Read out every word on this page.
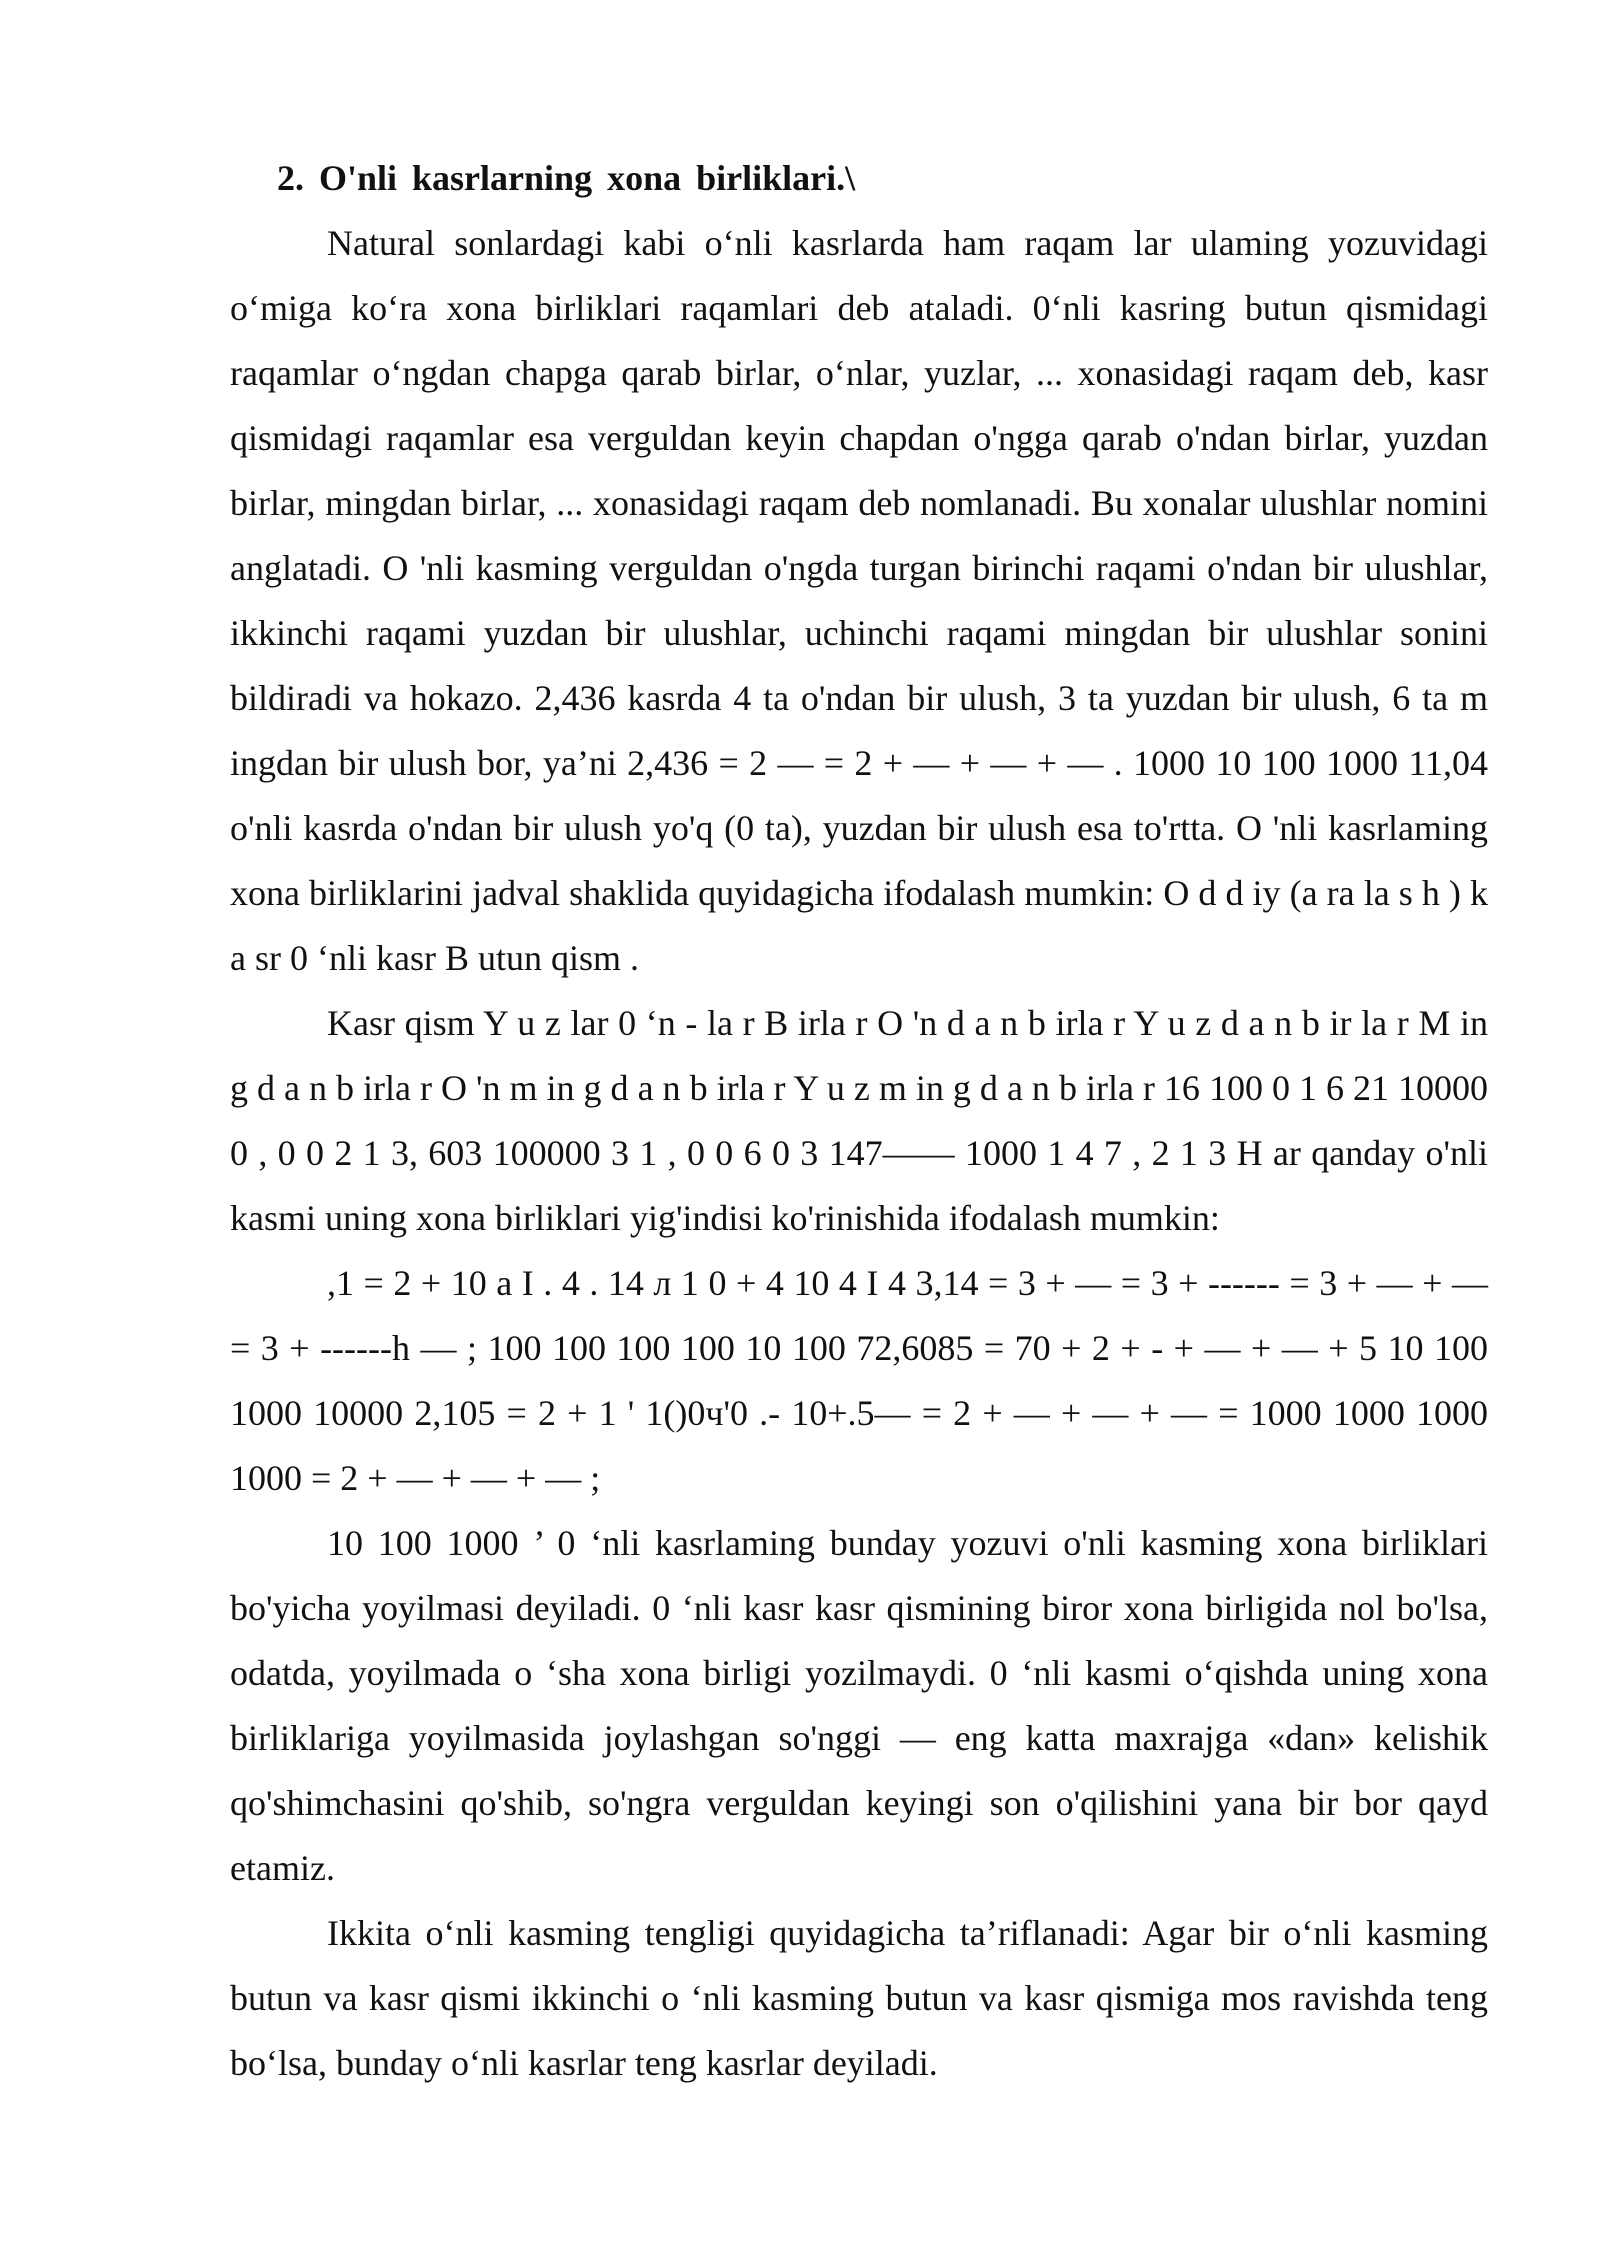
2. O'nli kasrlarning xona birliklari.\

Natural sonlardagi kabi o‘nli kasrlarda ham raqam lar ulaming yozuvidagi o‘miga ko‘ra xona birliklari raqamlari deb ataladi. 0‘nli kasring butun qismidagi raqamlar o‘ngdan chapga qarab birlar, o‘nlar, yuzlar, ... xonasidagi raqam deb, kasr qismidagi raqamlar esa verguldan keyin chapdan o'ngga qarab o'ndan birlar, yuzdan birlar, mingdan birlar, ... xonasidagi raqam deb nomlanadi. Bu xonalar ulushlar nomini anglatadi. O 'nli kasming verguldan o'ngda turgan birinchi raqami o'ndan bir ulushlar, ikkinchi raqami yuzdan bir ulushlar, uchinchi raqami mingdan bir ulushlar sonini bildiradi va hokazo. 2,436 kasrda 4 ta o'ndan bir ulush, 3 ta yuzdan bir ulush, 6 ta m ingdan bir ulush bor, ya’ni 2,436 = 2 — = 2 + — + — + — . 1000 10 100 1000 11,04 o'nli kasrda o'ndan bir ulush yo'q (0 ta), yuzdan bir ulush esa to'rtta. O 'nli kasrlaming xona birliklarini jadval shaklida quyidagicha ifodalash mumkin: O d d iy (a ra la s h ) k a sr 0 ‘nli kasr B utun qism .

Kasr qism Y u z lar 0 ‘n - la r B irla r O 'n d a n b irla r Y u z d a n b ir la r M in g d a n b irla r O 'n m in g d a n b irla r Y u z m in g d a n b irla r 16 100 0 1 6 21 10000 0 , 0 0 2 1 3, 603 100000 3 1 , 0 0 6 0 3 147—— 1000 1 4 7 , 2 1 3 H ar qanday o'nli kasmi uning xona birliklari yig'indisi ko'rinishida ifodalash mumkin:

,1 = 2 + 10 a I . 4 . 14 л 1 0 + 4 10 4 I 4 3,14 = 3 + — = 3 + ------ = 3 + — + — = 3 + ------h — ; 100 100 100 100 10 100 72,6085 = 70 + 2 + - + — + — + 5 10 100 1000 10000 2,105 = 2 + 1 ' 1()0ч'0 .- 10+.5— = 2 + — + — + — = 1000 1000 1000 1000 = 2 + — + — + — ;

10 100 1000 ’ 0 ‘nli kasrlaming bunday yozuvi o'nli kasming xona birliklari bo'yicha yoyilmasi deyiladi. 0 ‘nli kasr kasr qismining biror xona birligida nol bo'lsa, odatda, yoyilmada o ‘sha xona birligi yozilmaydi. 0 ‘nli kasmi o‘qishda uning xona birliklariga yoyilmasida joylashgan so'nggi — eng katta maxrajga «dan» kelishik qo'shimchasini qo'shib, so'ngra verguldan keyingi son o'qilishini yana bir bor qayd etamiz.

Ikkita o‘nli kasming tengligi quyidagicha ta’riflanadi: Agar bir o‘nli kasming butun va kasr qismi ikkinchi o ‘nli kasming butun va kasr qismiga mos ravishda teng bo‘lsa, bunday o‘nli kasrlar teng kasrlar deyiladi.
